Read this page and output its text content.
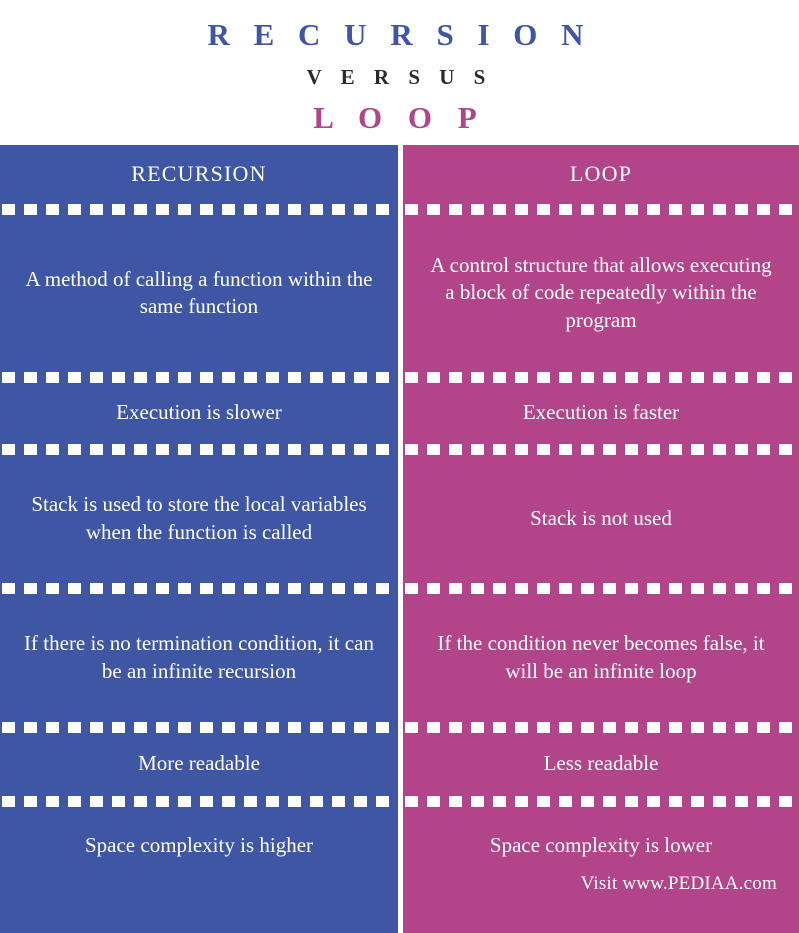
R E C U R S I O N
V E R S U S
L O O P
RECURSION
A method of calling a function within the same function
Execution is slower
Stack is used to store the local variables when the function is called
If there is no termination condition, it can be an infinite recursion
More readable
Space complexity is higher
LOOP
A control structure that allows executing a block of code repeatedly within the program
Execution is faster
Stack is not used
If the condition never becomes false, it will be an infinite loop
Less readable
Space complexity is lower
Visit www.PEDIAA.com
